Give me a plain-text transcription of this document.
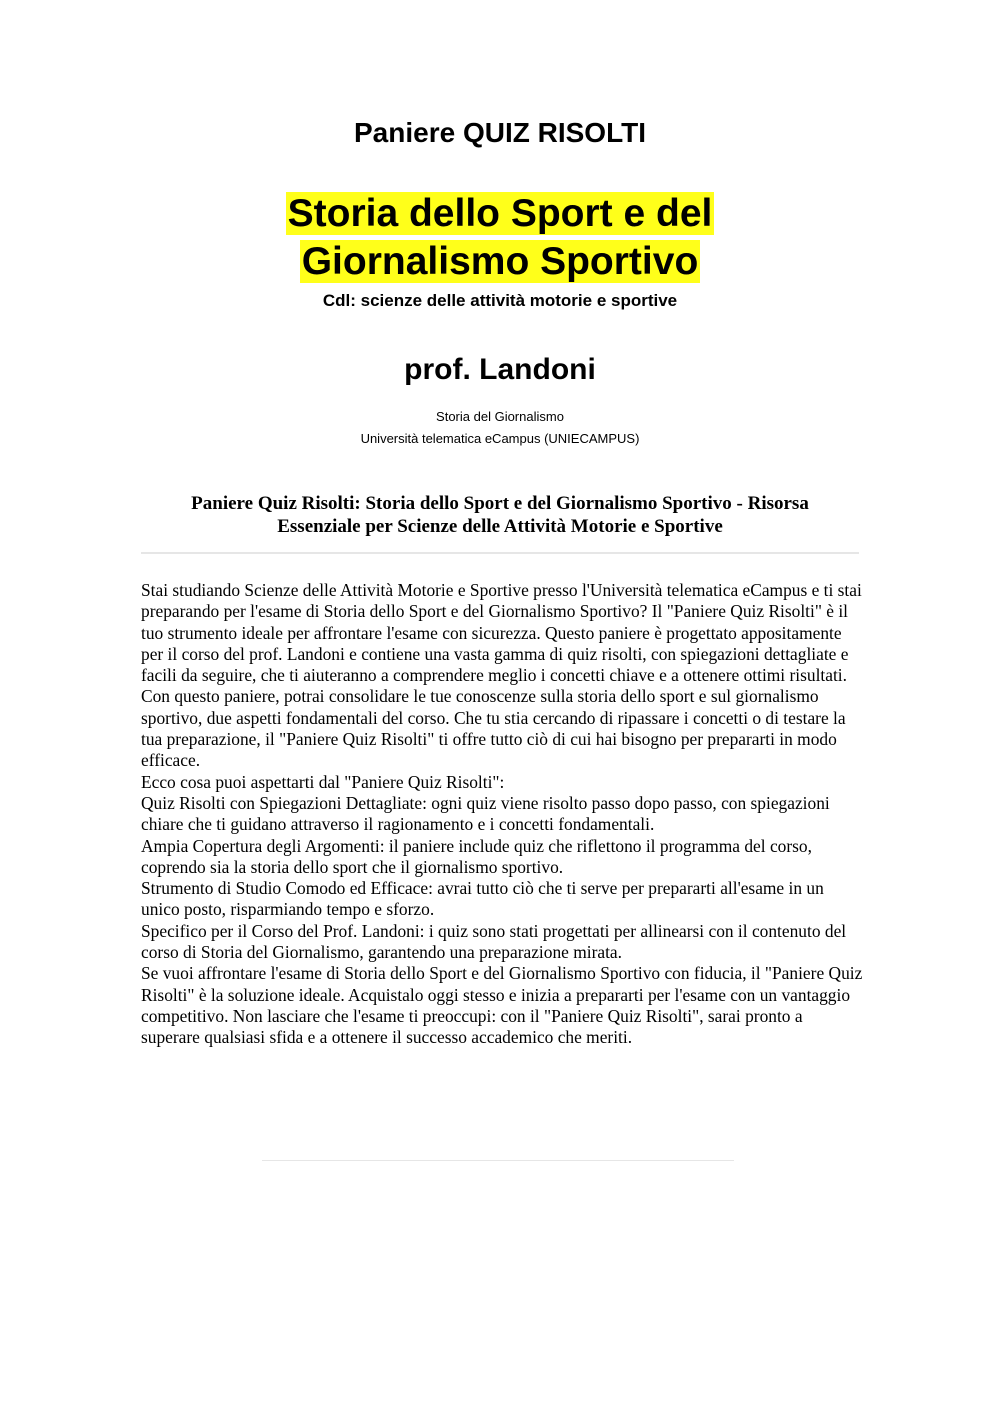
Paniere QUIZ RISOLTI
Storia dello Sport e del
Giornalismo Sportivo
Cdl: scienze delle attività motorie e sportive
prof. Landoni
Storia del Giornalismo
Università telematica eCampus (UNIECAMPUS)
Paniere Quiz Risolti: Storia dello Sport e del Giornalismo Sportivo - Risorsa Essenziale per Scienze delle Attività Motorie e Sportive

Stai studiando Scienze delle Attività Motorie e Sportive presso l'Università telematica eCampus e ti stai preparando per l'esame di Storia dello Sport e del Giornalismo Sportivo? Il "Paniere Quiz Risolti" è il tuo strumento ideale per affrontare l'esame con sicurezza. Questo paniere è progettato appositamente per il corso del prof. Landoni e contiene una vasta gamma di quiz risolti, con spiegazioni dettagliate e facili da seguire, che ti aiuteranno a comprendere meglio i concetti chiave e a ottenere ottimi risultati.

Con questo paniere, potrai consolidare le tue conoscenze sulla storia dello sport e sul giornalismo sportivo, due aspetti fondamentali del corso. Che tu stia cercando di ripassare i concetti o di testare la tua preparazione, il "Paniere Quiz Risolti" ti offre tutto ciò di cui hai bisogno per prepararti in modo efficace.

Ecco cosa puoi aspettarti dal "Paniere Quiz Risolti":

Quiz Risolti con Spiegazioni Dettagliate: ogni quiz viene risolto passo dopo passo, con spiegazioni chiare che ti guidano attraverso il ragionamento e i concetti fondamentali.

Ampia Copertura degli Argomenti: il paniere include quiz che riflettono il programma del corso, coprendo sia la storia dello sport che il giornalismo sportivo.

Strumento di Studio Comodo ed Efficace: avrai tutto ciò che ti serve per prepararti all'esame in un unico posto, risparmiando tempo e sforzo.

Specifico per il Corso del Prof. Landoni: i quiz sono stati progettati per allinearsi con il contenuto del corso di Storia del Giornalismo, garantendo una preparazione mirata.

Se vuoi affrontare l'esame di Storia dello Sport e del Giornalismo Sportivo con fiducia, il "Paniere Quiz Risolti" è la soluzione ideale. Acquistalo oggi stesso e inizia a prepararti per l'esame con un vantaggio competitivo. Non lasciare che l'esame ti preoccupi: con il "Paniere Quiz Risolti", sarai pronto a superare qualsiasi sfida e a ottenere il successo accademico che meriti.
